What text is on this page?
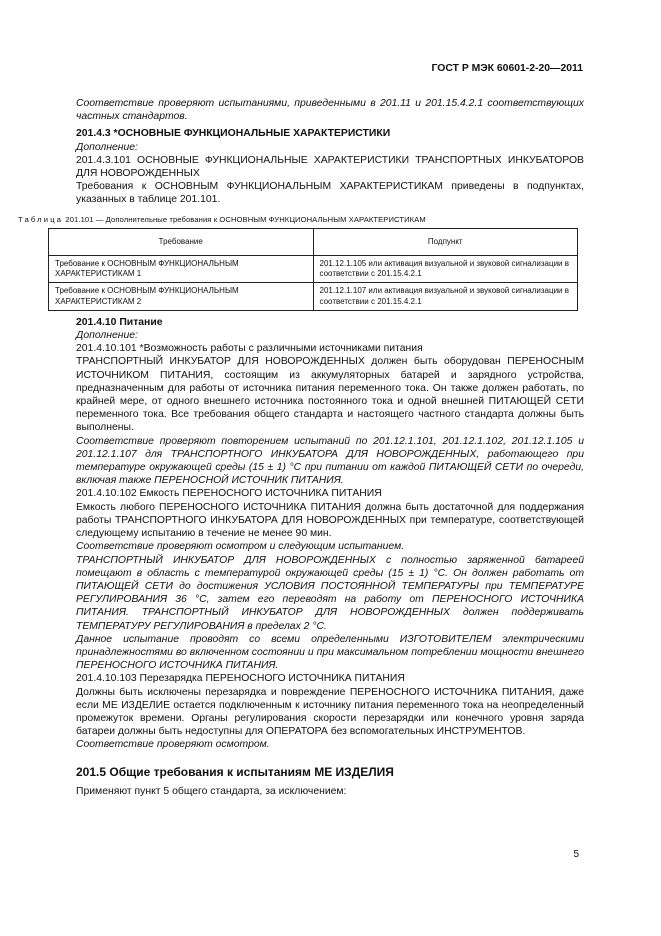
ГОСТ Р МЭК 60601-2-20—2011

Соответствие проверяют испытаниями, приведенными в 201.11 и 201.15.4.2.1 соответствующих частных стандартов.

201.4.3 *ОСНОВНЫЕ ФУНКЦИОНАЛЬНЫЕ ХАРАКТЕРИСТИКИ

Дополнение:

201.4.3.101 ОСНОВНЫЕ ФУНКЦИОНАЛЬНЫЕ ХАРАКТЕРИСТИКИ ТРАНСПОРТНЫХ ИНКУБАТОРОВ ДЛЯ НОВОРОЖДЕННЫХ

Требования к ОСНОВНЫМ ФУНКЦИОНАЛЬНЫМ ХАРАКТЕРИСТИКАМ приведены в подпунктах, указанных в таблице 201.101.

Таблица 201.101 — Дополнительные требования к ОСНОВНЫМ ФУНКЦИОНАЛЬНЫМ ХАРАКТЕРИСТИКАМ
Требование	Подпункт
Требование к ОСНОВНЫМ ФУНКЦИОНАЛЬНЫМ ХАРАКТЕРИСТИКАМ 1	201.12.1.105 или активация визуальной и звуковой сигнализации в соответствии с 201.15.4.2.1
Требование к ОСНОВНЫМ ФУНКЦИОНАЛЬНЫМ ХАРАКТЕРИСТИКАМ 2	201.12.1.107 или активация визуальной и звуковой сигнализации в соответствии с 201.15.4.2.1

201.4.10 Питание

Дополнение:

201.4.10.101 *Возможность работы с различными источниками питания

ТРАНСПОРТНЫЙ ИНКУБАТОР ДЛЯ НОВОРОЖДЕННЫХ должен быть оборудован ПЕРЕНОСНЫМ ИСТОЧНИКОМ ПИТАНИЯ, состоящим из аккумуляторных батарей и зарядного устройства, предназначенным для работы от источника питания переменного тока. Он также должен работать, по крайней мере, от одного внешнего источника постоянного тока и одной внешней ПИТАЮЩЕЙ СЕТИ переменного тока. Все требования общего стандарта и настоящего частного стандарта должны быть выполнены.

Соответствие проверяют повторением испытаний по 201.12.1.101, 201.12.1.102, 201.12.1.105 и 201.12.1.107 для ТРАНСПОРТНОГО ИНКУБАТОРА ДЛЯ НОВОРОЖДЕННЫХ, работающего при температуре окружающей среды (15 ± 1) °С при питании от каждой ПИТАЮЩЕЙ СЕТИ по очереди, включая также ПЕРЕНОСНОЙ ИСТОЧНИК ПИТАНИЯ.

201.4.10.102 Емкость ПЕРЕНОСНОГО ИСТОЧНИКА ПИТАНИЯ

Емкость любого ПЕРЕНОСНОГО ИСТОЧНИКА ПИТАНИЯ должна быть достаточной для поддержания работы ТРАНСПОРТНОГО ИНКУБАТОРА ДЛЯ НОВОРОЖДЕННЫХ при температуре, соответствующей следующему испытанию в течение не менее 90 мин.

Соответствие проверяют осмотром и следующим испытанием.

ТРАНСПОРТНЫЙ ИНКУБАТОР ДЛЯ НОВОРОЖДЕННЫХ с полностью заряженной батареей помещают в область с температурой окружающей среды (15 ± 1) °С. Он должен работать от ПИТАЮЩЕЙ СЕТИ до достижения УСЛОВИЯ ПОСТОЯННОЙ ТЕМПЕРАТУРЫ при ТЕМПЕРАТУРЕ РЕГУЛИРОВАНИЯ 36 °С, затем его переводят на работу от ПЕРЕНОСНОГО ИСТОЧНИКА ПИТАНИЯ. ТРАНСПОРТНЫЙ ИНКУБАТОР ДЛЯ НОВОРОЖДЕННЫХ должен поддерживать ТЕМПЕРАТУРУ РЕГУЛИРОВАНИЯ в пределах 2 °С.

Данное испытание проводят со всеми определенными ИЗГОТОВИТЕЛЕМ электрическими принадлежностями во включенном состоянии и при максимальном потреблении мощности внешнего ПЕРЕНОСНОГО ИСТОЧНИКА ПИТАНИЯ.

201.4.10.103 Перезарядка ПЕРЕНОСНОГО ИСТОЧНИКА ПИТАНИЯ

Должны быть исключены перезарядка и повреждение ПЕРЕНОСНОГО ИСТОЧНИКА ПИТАНИЯ, даже если МЕ ИЗДЕЛИЕ остается подключенным к источнику питания переменного тока на неопределенный промежуток времени. Органы регулирования скорости перезарядки или конечного уровня заряда батареи должны быть недоступны для ОПЕРАТОРА без вспомогательных ИНСТРУМЕНТОВ.

Соответствие проверяют осмотром.

201.5 Общие требования к испытаниям МЕ ИЗДЕЛИЯ

Применяют пункт 5 общего стандарта, за исключением:

5
